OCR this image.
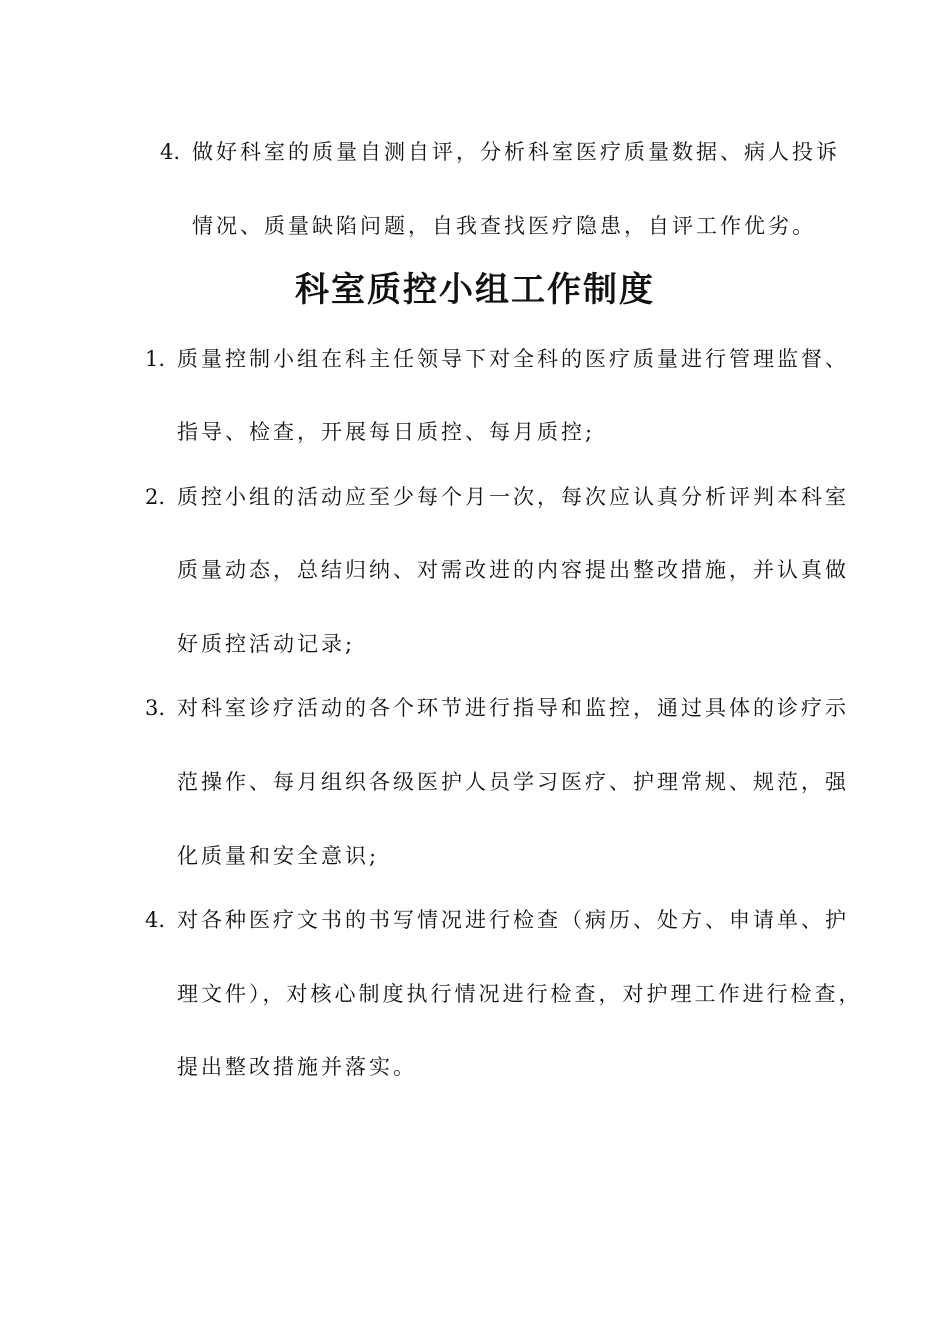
4. 做好科室的质量自测自评，分析科室医疗质量数据、病人投诉
情况、质量缺陷问题，自我查找医疗隐患，自评工作优劣。
科室质控小组工作制度
1. 质量控制小组在科主任领导下对全科的医疗质量进行管理监督、
指导、检查，开展每日质控、每月质控;
2. 质控小组的活动应至少每个月一次，每次应认真分析评判本科室
质量动态，总结归纳、对需改进的内容提出整改措施，并认真做
好质控活动记录;
3. 对科室诊疗活动的各个环节进行指导和监控，通过具体的诊疗示
范操作、每月组织各级医护人员学习医疗、护理常规、规范，强
化质量和安全意识;
4. 对各种医疗文书的书写情况进行检查（病历、处方、申请单、护
理文件），对核心制度执行情况进行检查，对护理工作进行检查，
提出整改措施并落实。
